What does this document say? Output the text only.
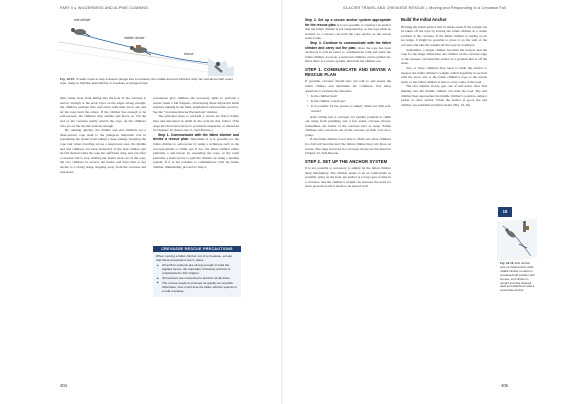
PART II ▸ WILDERNESS AND ALPINE CLIMBING
end climber
middle climber
rescue
Fig. 19-15. In safer move to stop a deeper plunge into a crevasse: the middle and end climbers drop into self-arrest with a taut rope, ready to hold the load climber in crevasse or plunged rope.

their center body from falling into the hole. If the crevasse is narrow enough or the snow layer on the edges strong enough, the climbers perhaps may self-arrest with their snow axe and let the rope hold the others. If the climber has enough to be self-rescued, the climbers may remain and move on. On the end of the crevasse gently stretch the rope, tie the climbers who are on the lip and walk far enough.

By running quickly, the middle and end climbers set a three-person rope team to the plunge-in important role in preventing the leader from taking a deep plunge. Keeping the rope taut when traveling across a suspicious area, the middle and end climbers can keep backward of the lead climber and let fall instead when the rope has sufficient drag, and can offer a crevasse fall to stop. Rolling the leader back out on the rope, the two climbers in reverse the leader and have him or her anchor to a strong ledge, stepping away from the crevasse and self-arrest.

procedures give climbers the necessary skills to perform a rescue when a fall happens. Developing these important skills requires training in the field, augmented with periodic practice. See the “Crevasse Rescue Precautions” sidebar.

The principal steps to perform a rescue are listed briefly here and discussed in detail in the sections that follow. (The steps involved serve more to accelerate maneuver, as discussed in Chapters 10, Knots and 11, Self-Rescue.)

Step 1. Communicate with the fallen climber and devise a rescue plan. Determine if it is possible for the fallen climber to self-rescue by using a technique such as the crevasse-prusik or climb out. If not, the fallen climber either performs a self-rescue by ascending the rope, or the team performs a team rescue to pull the climber up using a hauling system. If it is not possible to communicate with the fallen climber, immediately proceed to Step 2.

CREVASSE RESCUE PRECAUTIONS
When moving a fallen climber out of a crevasse, ensure that these precautions are in place:
■ All anchor systems are strong enough to hold the applied forces; the important of backup anchors is emphasized in this chapter.
■ All rescuers are connected to anchors at all times.
■ The rescue needs to proceed as quickly as possible. Otherwise, how much time the fallen climber spends in a cold crevasse.
404
GLACIER TRAVEL AND CREVASSE RESCUE ▸ Moving and Responding to a Crevasse Fall

Step 2. Set up a secure anchor system appropriate for the rescue plan. It is not possible to construct an anchor that the fallen climber is not suspended by, so the rope must be secured so a rescuer can hold the rope anchor as the rescue team works.

Step 3. Continue to communicate with the fallen climber and carry out the plan. Once the rope has been anchored, it will be easier to communicate with and assist the fallen climber. A rescue, a team and climbers can be pulled out. Once there is a rescue system, then haul the climber out.

STEP 1. COMMUNICATE AND DEVISE A RESCUE PLAN

If possible, rescuers should also can talk to and assess the fallen climber and determine the condition. Use these questions to evaluate the situation:

• Is the climber hurt?
• Is the climber conscious?
• Is it possible for the person to simply climb out with self-rescue?

After falling into a crevasse, it’s usually possible to climb out using from prusiking and a few easier crevasse moves. Sometimes, the inside of the crevasse isn’t as steep. Fallen climbers who can move out of the crevasse on their own are a group.

If the fallen climber is not able to climb out, most climbers in a fall will become hurt; the fallen climber may rely more on rescue. The steps involved in a crevasse rescue are discussed in Chapter 12, Self-Rescue.

STEP 2. SET UP THE ANCHOR SYSTEM

It is not possible or necessary to simply let the fallen climber hang indefinitely. The climber needs to be as comfortable as possible, lying on the hole. An anchor is a long span of time in a crevasse, and the climber’s weight can increase the need for more protection and it needs to be placed well.

Build the Initial Anchor

Holding the initial anchor will be made easier if the weight can be taken off the rope by having the fallen climber in a stable position at the crevasse. If the fallen climber is resting on an ice ledge, it might be possible to place it on the wall of the crevasse and take the weight off the rope by loading it.

Sometimes, a single climber becomes the belayer and the rope for the ledge. Otherwise, the climber on the crevasse edge or the rescuers can build the anchor in a position that is off the hook.

Two or three climbers may need to build the anchor to support the fallen climber’s weight, which hopefully is secured with the snow axe or the fallen climber’s rope to the rescue team, or the fallen climber is able to carry some of the load.

The end climber slowly gets out of self-arrest, after first making sure the middle climber can hold the load. The end climber then approaches the middle climber’s position, using a picket or other anchor. When the anchor is good, the end climber can establish an initial anchor (Fig. 19-16).

19
Fig. 19-16. End climber sets up initial anchor while middle climber remains in crevasse-hold position with ice axe; end climber is upright and has retained pack and attached it with a snow fluke anchor.
405
